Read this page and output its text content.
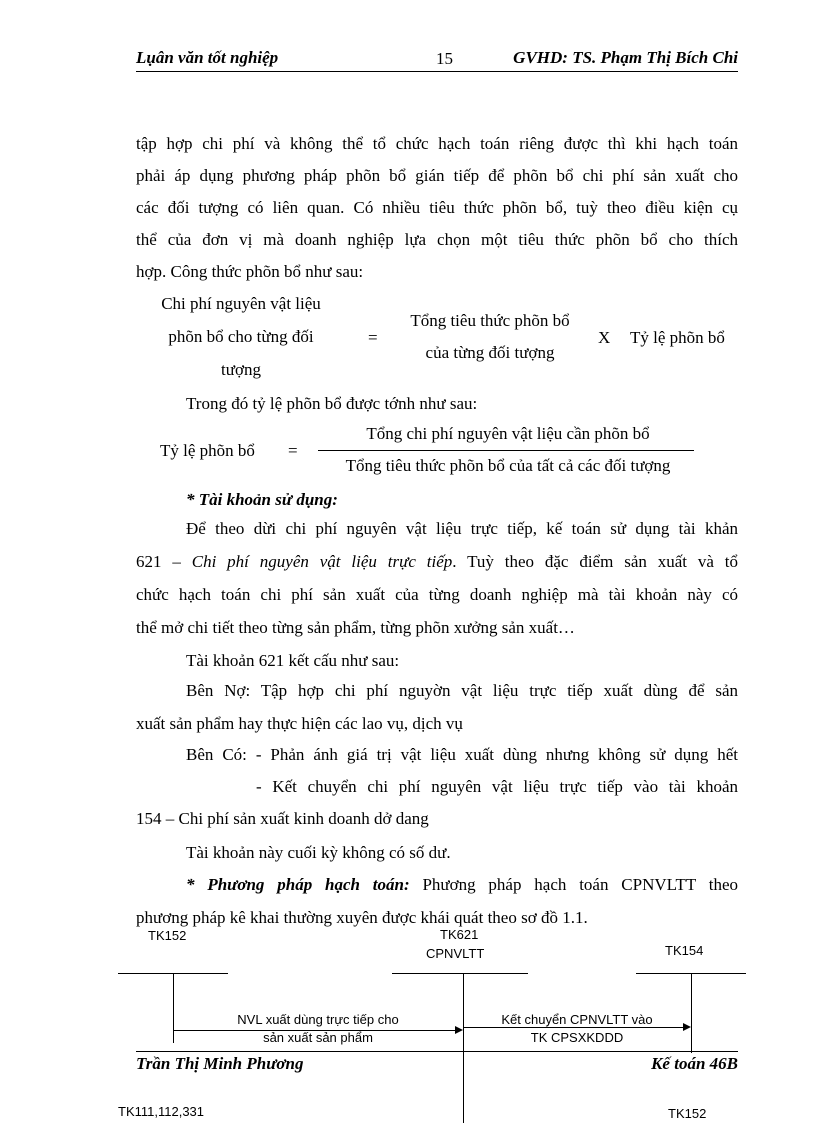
Lụân văn tốt nghiệp	15	GVHD: TS. Phạm Thị Bích Chi
tập hợp chi phí và không thể tổ chức hạch toán riêng được thì khi hạch toán
phải áp dụng phương pháp phõn bổ gián tiếp để phõn bổ chi phí sản xuất cho
các đối tượng có liên quan. Có nhiều tiêu thức phõn bổ, tuỳ theo điều kiện cụ
thể của đơn vị mà doanh nghiệp lựa chọn một tiêu thức phõn bổ cho thích
hợp. Công thức phõn bổ như sau:
Chi phí nguyên vật liệu
phõn bổ cho từng đối
tượng
=
Tổng tiêu thức phõn bổ
của từng đối tượng
X Tỷ lệ phõn bổ
Trong đó tỷ lệ phõn bổ được tớnh như sau:
Tỷ lệ phõn bổ =
Tổng chi phí nguyên vật liệu cần phõn bổ
Tổng tiêu thức phõn bổ của tất cả các đối tượng
* Tài khoản sử dụng:
Để theo dừi chi phí nguyên vật liệu trực tiếp, kế toán sử dụng tài khản
621 – Chi phí nguyên vật liệu trực tiếp. Tuỳ theo đặc điểm sản xuất và tổ
chức hạch toán chi phí sản xuất của từng doanh nghiệp mà tài khoản này có
thể mở chi tiết theo từng sản phẩm, từng phõn xưởng sản xuất…
Tài khoản 621 kết cấu như sau:
Bên Nợ: Tập hợp chi phí nguyờn vật liệu trực tiếp xuất dùng để sản
xuất sản phẩm hay thực hiện các lao vụ, dịch vụ
Bên Có: - Phản ánh giá trị vật liệu xuất dùng nhưng không sử dụng hết
- Kết chuyển chi phí nguyên vật liệu trực tiếp vào tài khoản
154 – Chi phí sản xuất kinh doanh dở dang
Tài khoản này cuối kỳ không có số dư.
* Phương pháp hạch toán: Phương pháp hạch toán CPNVLTT theo
phương pháp kê khai thường xuyên được khái quát theo sơ đồ 1.1.
TK152	TK621
CPNVLTT	TK154
NVL xuất dùng trực tiếp cho
sản xuất sản phẩm
Kết chuyển CPNVLTT vào
TK CPSXKDDD
TK111,112,331	TK152
Trần Thị Minh Phương	Kế toán 46B
